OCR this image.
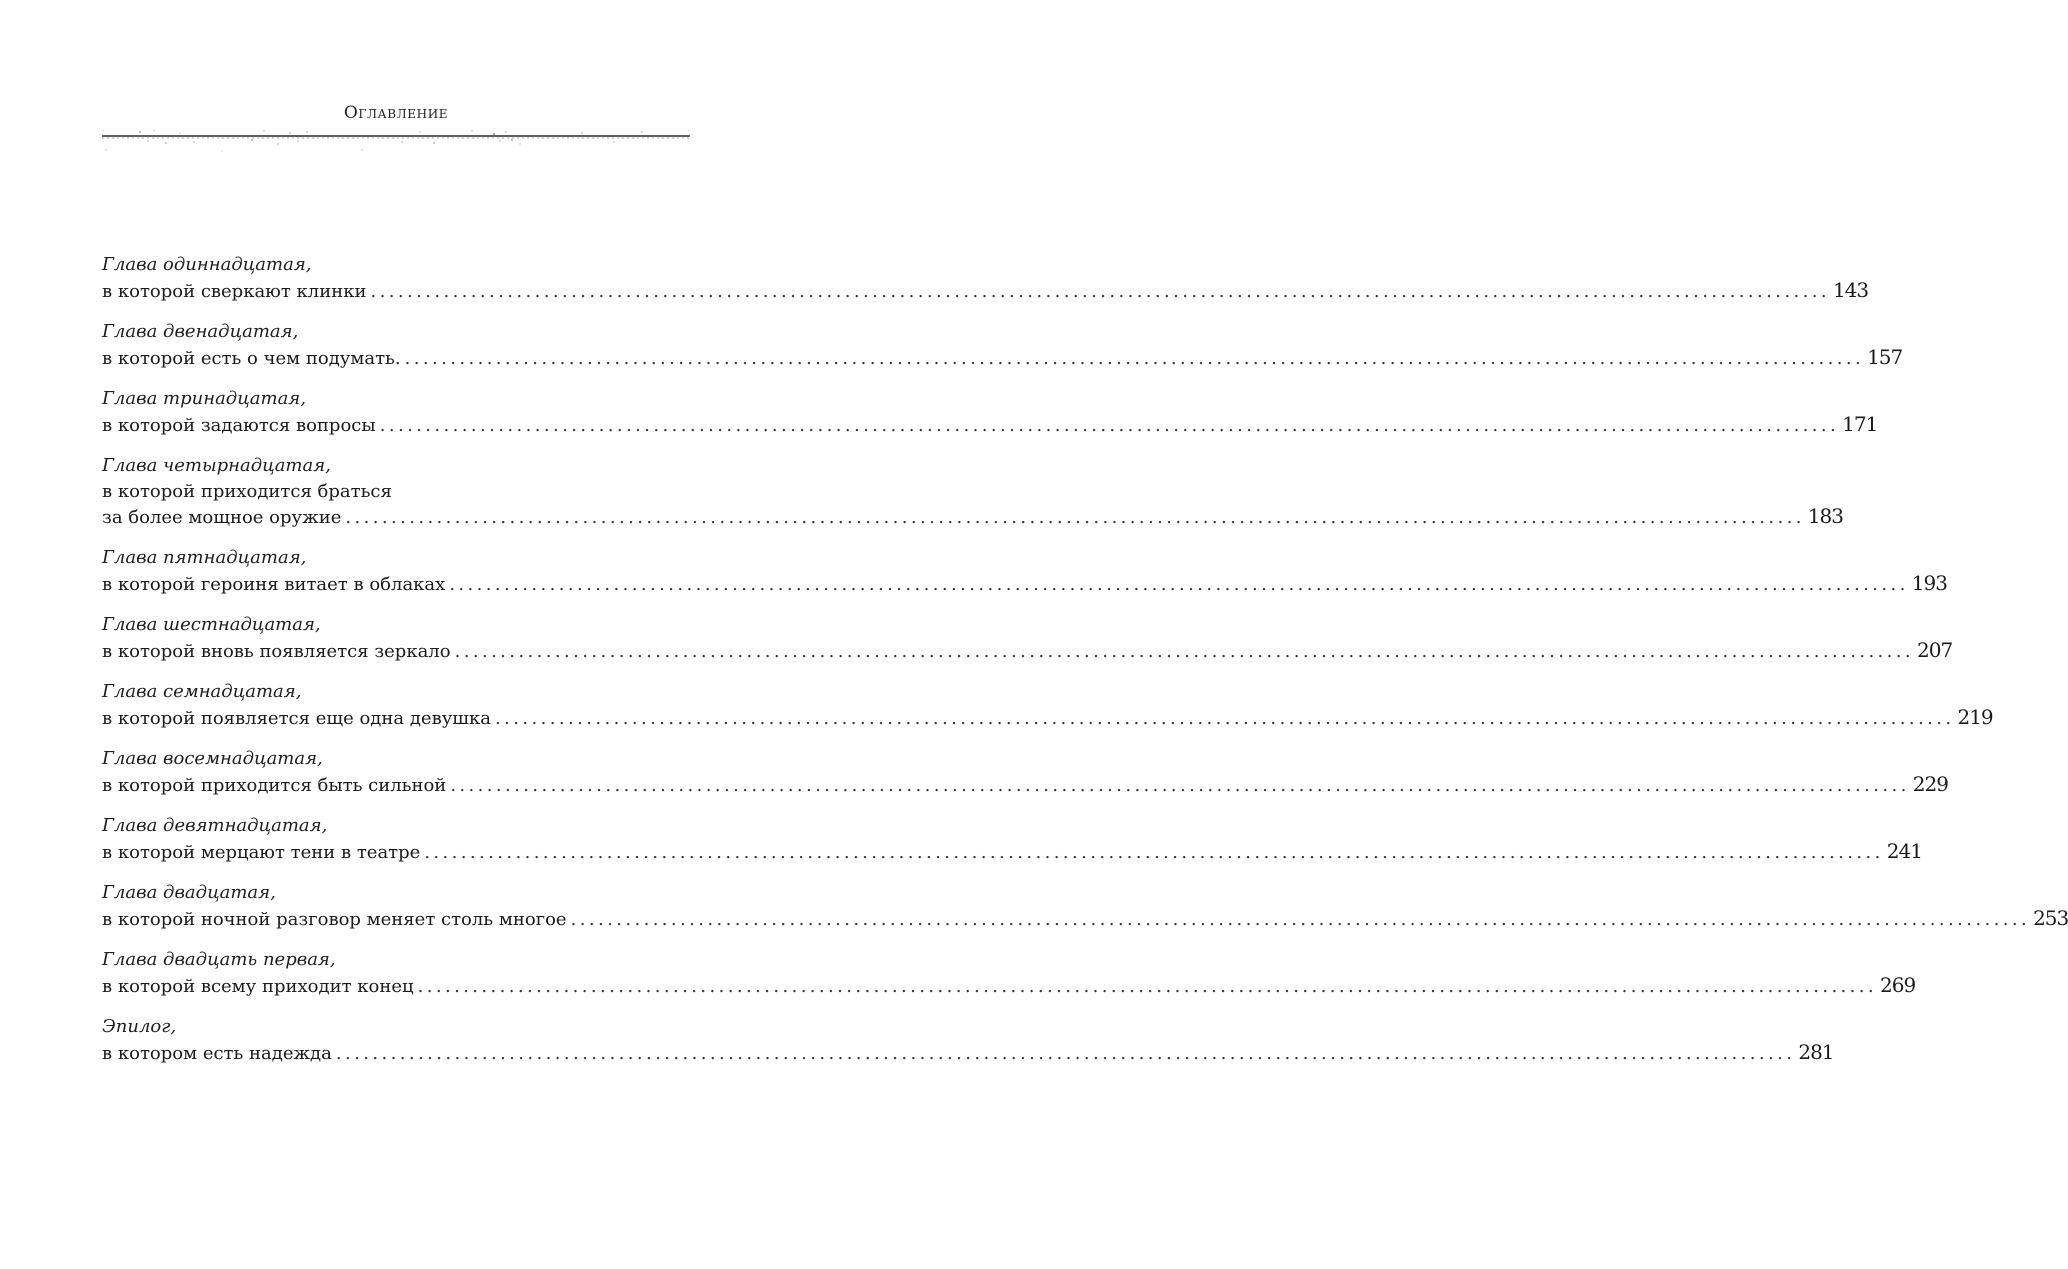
Оглавление
Глава одиннадцатая,
в которой сверкают клинки ................................................................................................................................................................ 143
Глава двенадцатая,
в которой есть о чем подумать. ................................................................................................................................................................ 157
Глава тринадцатая,
в которой задаются вопросы ................................................................................................................................................................ 171
Глава четырнадцатая,
в которой приходится браться
за более мощное оружие ................................................................................................................................................................ 183
Глава пятнадцатая,
в которой героиня витает в облаках ................................................................................................................................................................ 193
Глава шестнадцатая,
в которой вновь появляется зеркало ................................................................................................................................................................ 207
Глава семнадцатая,
в которой появляется еще одна девушка ................................................................................................................................................................ 219
Глава восемнадцатая,
в которой приходится быть сильной ................................................................................................................................................................ 229
Глава девятнадцатая,
в которой мерцают тени в театре ................................................................................................................................................................ 241
Глава двадцатая,
в которой ночной разговор меняет столь многое ................................................................................................................................................................ 253
Глава двадцать первая,
в которой всему приходит конец ................................................................................................................................................................ 269
Эпилог,
в котором есть надежда ................................................................................................................................................................ 281
